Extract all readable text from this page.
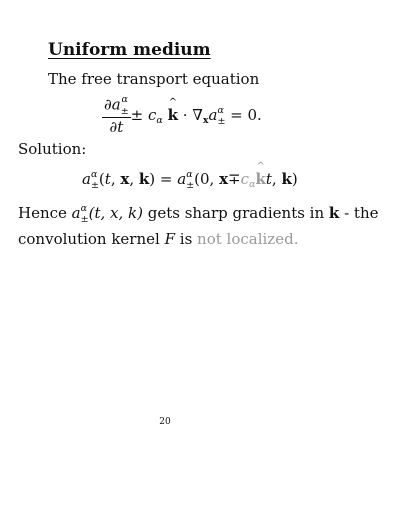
Uniform medium
The free transport equation
∂a α
±
$\partial t \pm c_\alpha$ ^ $k \cdot \nabla_xa$ α
± = 0.
Solution:
a α
± (t, x, k) = a α
± (0, $x\mp c_\alpha\^{}$ kt, k)
Hence a α
± (t, x, k) gets sharp gradients in k - the
convolution kernel F is not localized.
20
